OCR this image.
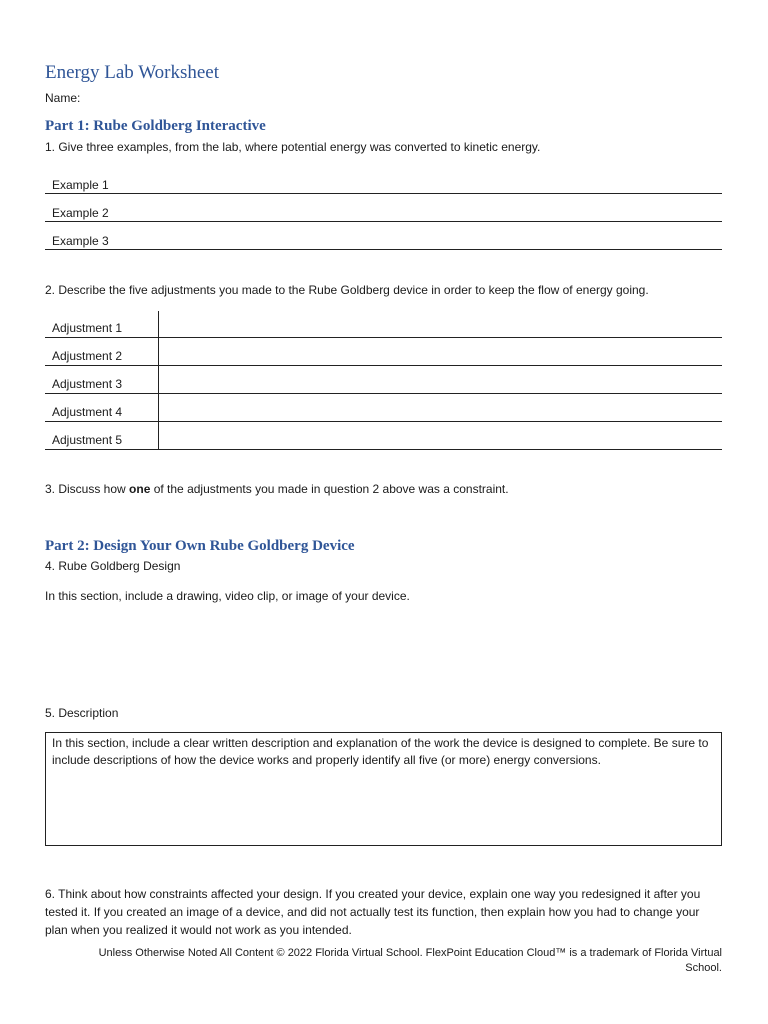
Energy Lab Worksheet
Name:
Part 1: Rube Goldberg Interactive
1. Give three examples, from the lab, where potential energy was converted to kinetic energy.
Example 1
Example 2
Example 3
2. Describe the five adjustments you made to the Rube Goldberg device in order to keep the flow of energy going.
Adjustment 1
Adjustment 2
Adjustment 3
Adjustment 4
Adjustment 5
3. Discuss how one of the adjustments you made in question 2 above was a constraint.
Part 2: Design Your Own Rube Goldberg Device
4. Rube Goldberg Design
In this section, include a drawing, video clip, or image of your device.
5. Description
In this section, include a clear written description and explanation of the work the device is designed to complete. Be sure to include descriptions of how the device works and properly identify all five (or more) energy conversions.
6. Think about how constraints affected your design. If you created your device, explain one way you redesigned it after you tested it. If you created an image of a device, and did not actually test its function, then explain how you had to change your plan when you realized it would not work as you intended.
Unless Otherwise Noted All Content © 2022 Florida Virtual School. FlexPoint Education Cloud™ is a trademark of Florida Virtual School.
